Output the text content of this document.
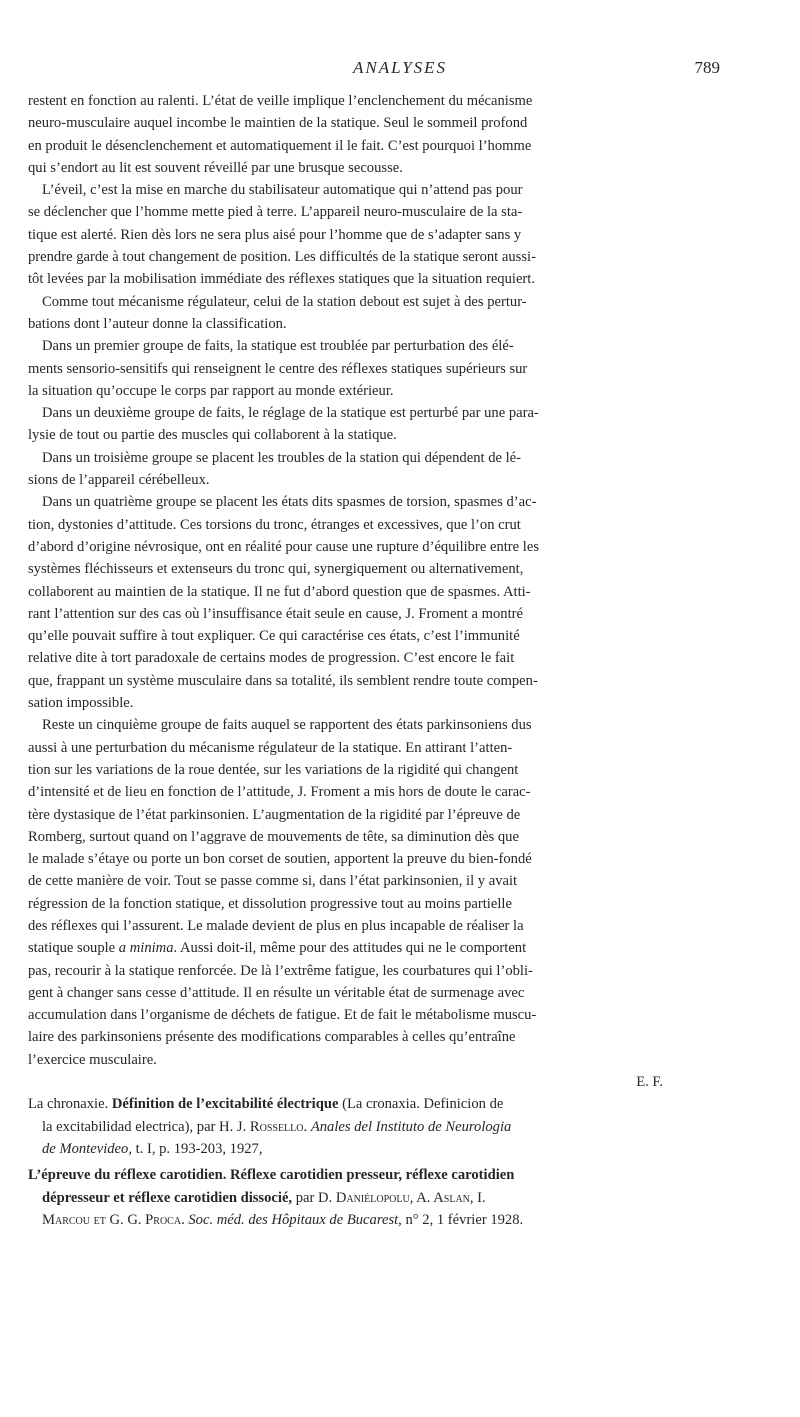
ANALYSES	789
restent en fonction au ralenti. L’état de veille implique l’enclenchement du mécanisme
neuro-musculaire auquel incombe le maintien de la statique. Seul le sommeil profond
en produit le désenclenchement et automatiquement il le fait. C’est pourquoi l’homme
qui s’endort au lit est souvent réveillé par une brusque secousse.
L’éveil, c’est la mise en marche du stabilisateur automatique qui n’attend pas pour
se déclencher que l’homme mette pied à terre. L’appareil neuro-musculaire de la sta-
tique est alerté. Rien dès lors ne sera plus aisé pour l’homme que de s’adapter sans y
prendre garde à tout changement de position. Les difficultés de la statique seront aussi-
tôt levées par la mobilisation immédiate des réflexes statiques que la situation requiert.
Comme tout mécanisme régulateur, celui de la station debout est sujet à des pertur-
bations dont l’auteur donne la classification.
Dans un premier groupe de faits, la statique est troublée par perturbation des élé-
ments sensorio-sensitifs qui renseignent le centre des réflexes statiques supérieurs sur
la situation qu’occupe le corps par rapport au monde extérieur.
Dans un deuxième groupe de faits, le réglage de la statique est perturbé par une para-
lysie de tout ou partie des muscles qui collaborent à la statique.
Dans un troisième groupe se placent les troubles de la station qui dépendent de lé-
sions de l’appareil cérébelleux.
Dans un quatrième groupe se placent les états dits spasmes de torsion, spasmes d’ac-
tion, dystonies d’attitude. Ces torsions du tronc, étranges et excessives, que l’on crut
d’abord d’origine névrosique, ont en réalité pour cause une rupture d’équilibre entre les
systèmes fléchisseurs et extenseurs du tronc qui, synergiquement ou alternativement,
collaborent au maintien de la statique. Il ne fut d’abord question que de spasmes. Atti-
rant l’attention sur des cas où l’insuffisance était seule en cause, J. Froment a montré
qu’elle pouvait suffire à tout expliquer. Ce qui caractérise ces états, c’est l’immunité
relative dite à tort paradoxale de certains modes de progression. C’est encore le fait
que, frappant un système musculaire dans sa totalité, ils semblent rendre toute compen-
sation impossible.
Reste un cinquième groupe de faits auquel se rapportent des états parkinsoniens dus
aussi à une perturbation du mécanisme régulateur de la statique. En attirant l’atten-
tion sur les variations de la roue dentée, sur les variations de la rigidité qui changent
d’intensité et de lieu en fonction de l’attitude, J. Froment a mis hors de doute le carac-
tère dystasique de l’état parkinsonien. L’augmentation de la rigidité par l’épreuve de
Romberg, surtout quand on l’aggrave de mouvements de tête, sa diminution dès que
le malade s’étaye ou porte un bon corset de soutien, apportent la preuve du bien-fondé
de cette manière de voir. Tout se passe comme si, dans l’état parkinsonien, il y avait
régression de la fonction statique, et dissolution progressive tout au moins partielle
des réflexes qui l’assurent. Le malade devient de plus en plus incapable de réaliser la
statique souple a minima. Aussi doit-il, même pour des attitudes qui ne le comportent
pas, recourir à la statique renforcée. De là l’extrême fatigue, les courbatures qui l’obli-
gent à changer sans cesse d’attitude. Il en résulte un véritable état de surmenage avec
accumulation dans l’organisme de déchets de fatigue. Et de fait le métabolisme muscu-
laire des parkinsoniens présente des modifications comparables à celles qu’entraîne
l’exercice musculaire.
E. F.
La chronaxie. Définition de l’excitabilité électrique (La cronaxia. Definicion de
la excitabilidad electrica), par H. J. Rossello. Anales del Instituto de Neurologia
de Montevideo, t. I, p. 193-203, 1927,
L’épreuve du réflexe carotidien. Réflexe carotidien presseur, réflexe carotidien
dépresseur et réflexe carotidien dissocié, par D. Daniélopolu, A. Aslan, I.
Marcou et G. G. Proca. Soc. méd. des Hôpitaux de Bucarest, n° 2, 1 février 1928.
